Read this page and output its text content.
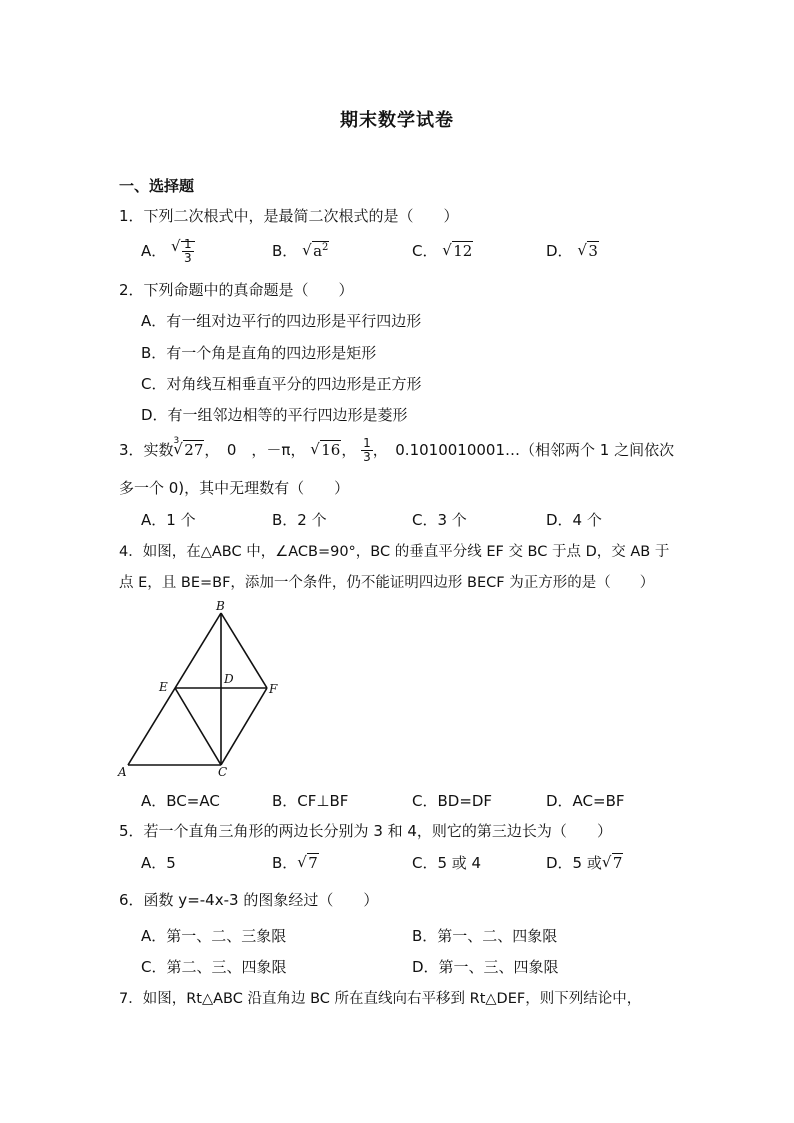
期末数学试卷
一、选择题
1．下列二次根式中，是最简二次根式的是（　　）
A． √ $\frac{1}{3}$	B． √ $a^2$	C． √ 12	D． √ 3
2．下列命题中的真命题是（　　）
A．有一组对边平行的四边形是平行四边形
B．有一个角是直角的四边形是矩形
C．对角线互相垂直平分的四边形是正方形
D．有一组邻边相等的平行四边形是菱形
3．实数$^3$ √ 27，　0　，－π， √ 16， $\frac{1}{3}$ ，　0.1010010001…（相邻两个 1 之间依次
多一个 0)，其中无理数有（　　）
A．1 个	B．2 个	C．3 个	D．4 个
4．如图，在△ABC 中，∠ACB=90°，BC 的垂直平分线 EF 交 BC 于点 D，交 AB 于
点 E，且 BE=BF，添加一个条件，仍不能证明四边形 BECF 为正方形的是（　　）
B
E
D
F
A	C
A．BC=AC	B．CF⊥BF	C．BD=DF	D．AC=BF
5．若一个直角三角形的两边长分别为 3 和 4，则它的第三边长为（　　）
A．5	B． √ 7	C．5 或 4	D．5 或 √ 7
6．函数 y=-4x-3 的图象经过（　　）
A．第一、二、三象限	B．第一、二、四象限
C．第二、三、四象限	D．第一、三、四象限
7．如图，Rt△ABC 沿直角边 BC 所在直线向右平移到 Rt△DEF，则下列结论中，
